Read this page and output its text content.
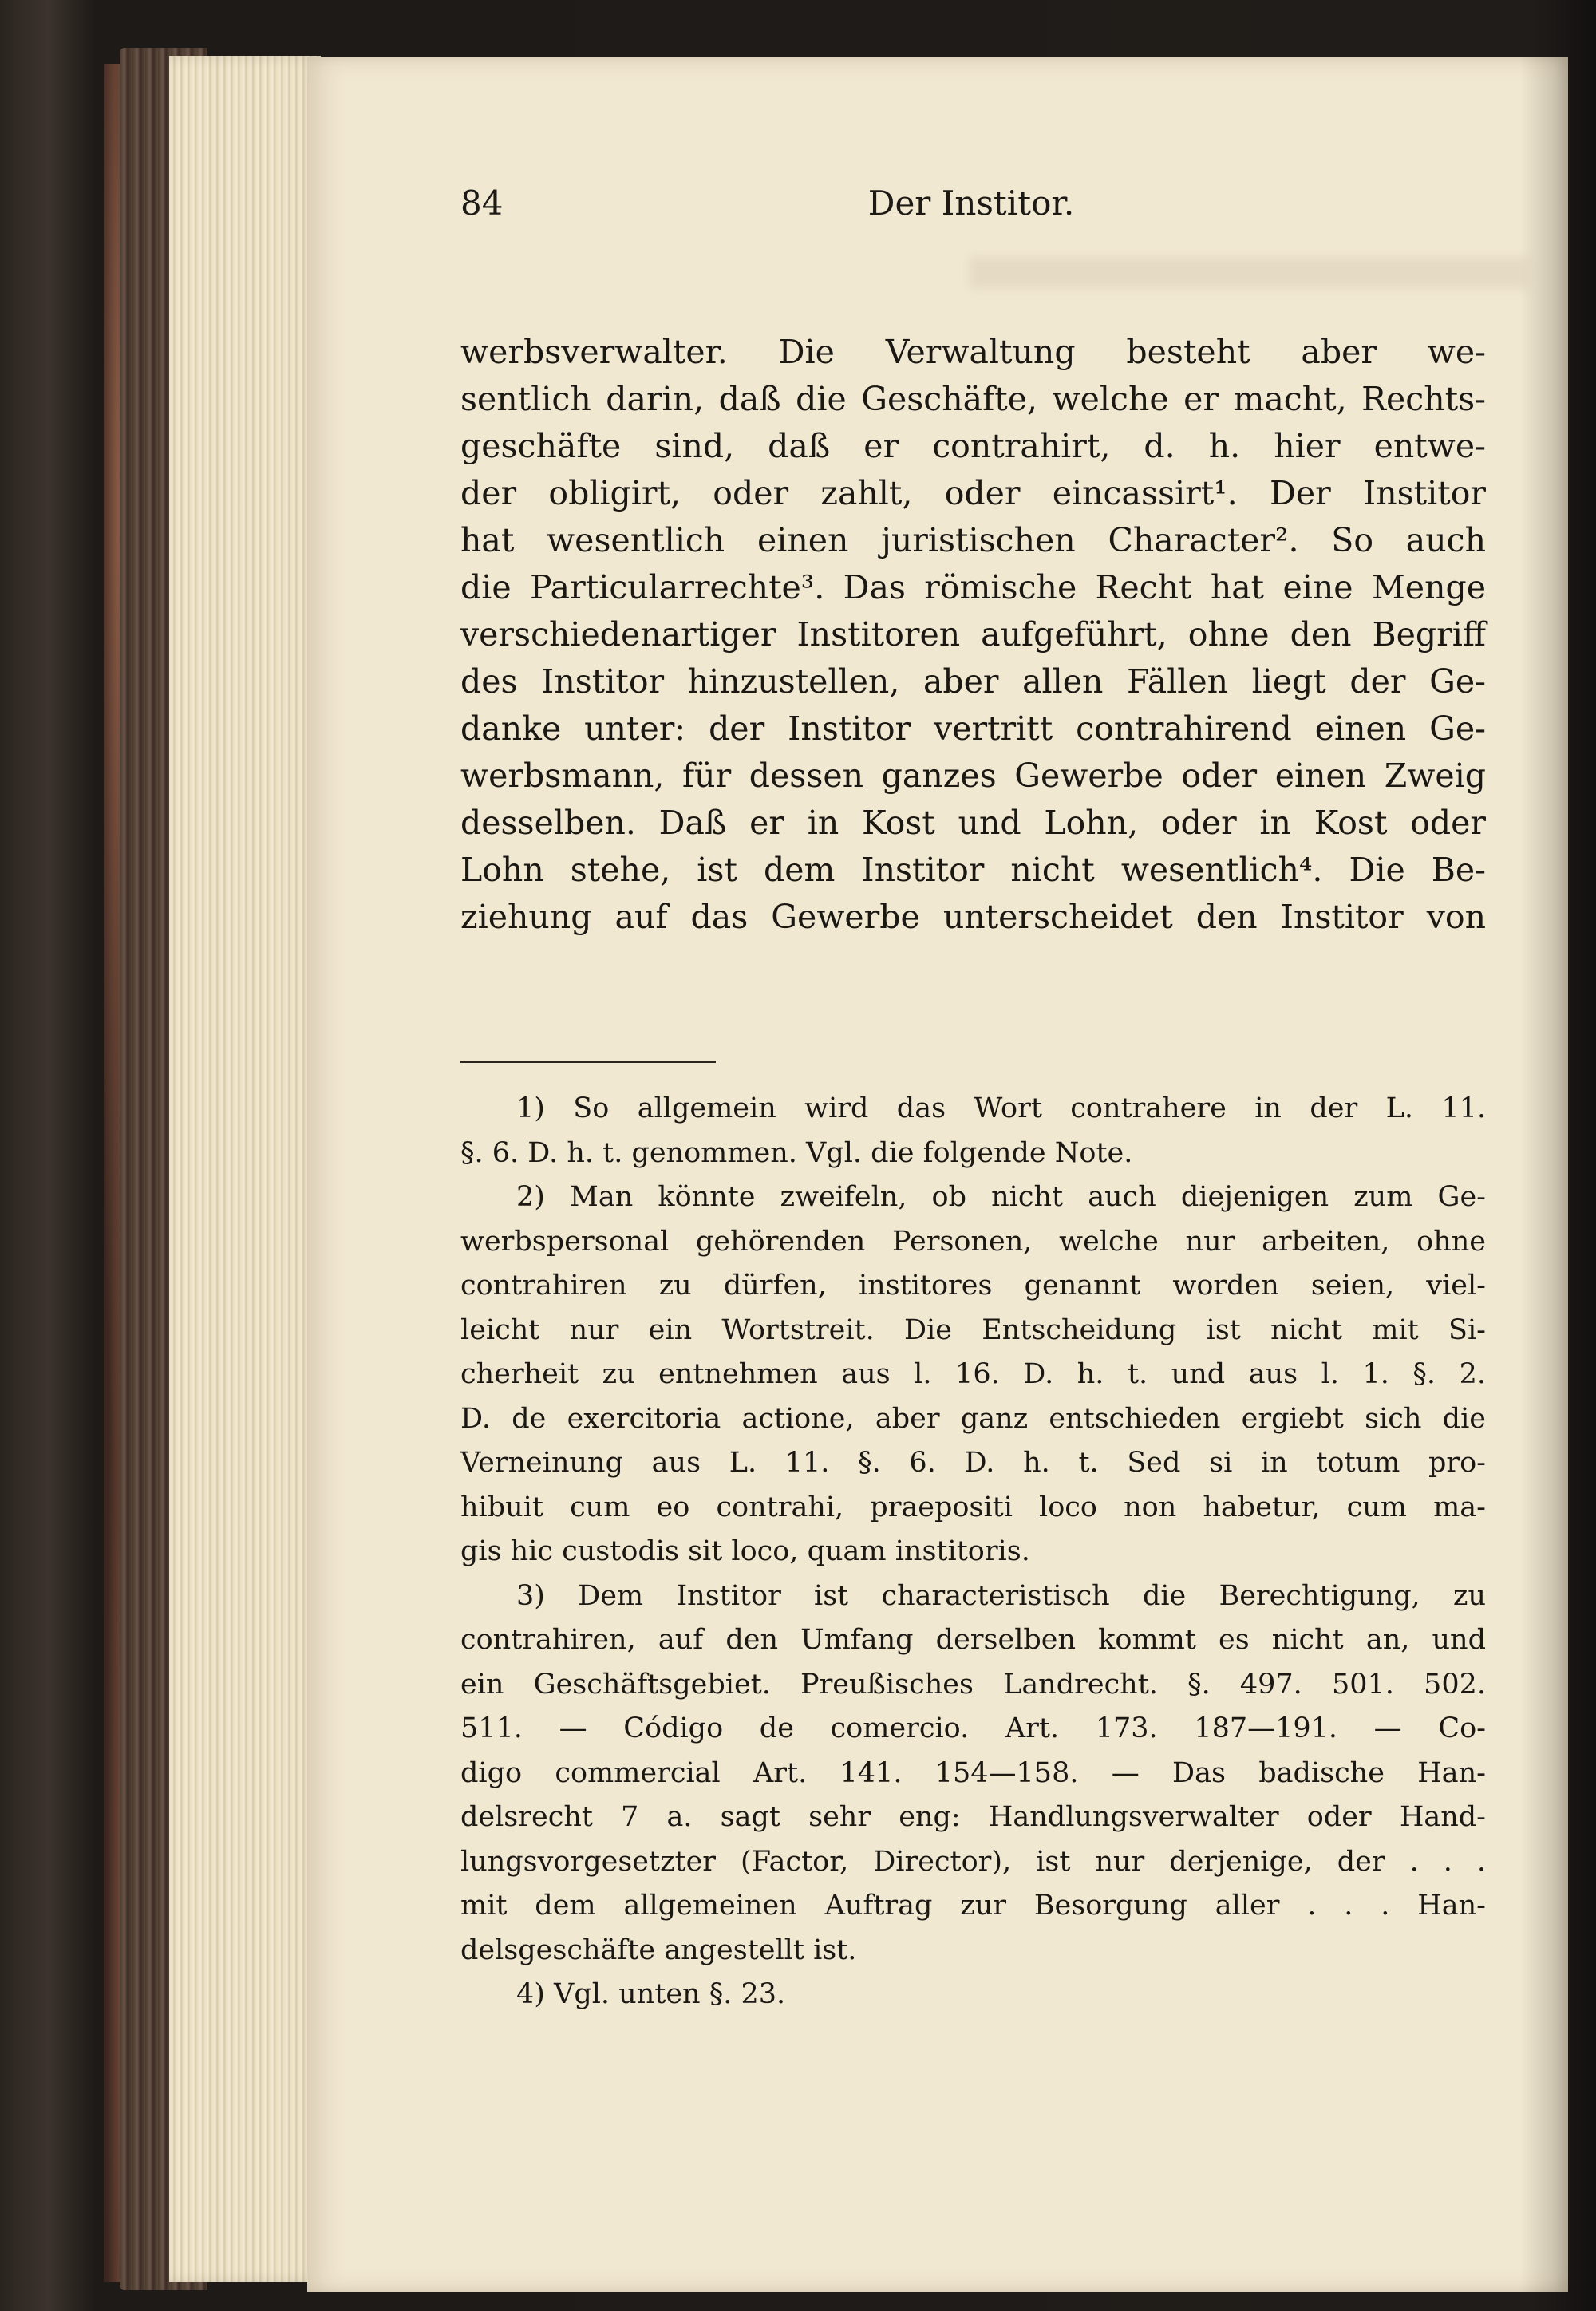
84	Der Institor.
werbsverwalter. Die Verwaltung besteht aber we-
sentlich darin, daß die Geschäfte, welche er macht, Rechts-
geschäfte sind, daß er contrahirt, d. h. hier entwe-
der obligirt, oder zahlt, oder eincassirt¹. Der Institor
hat wesentlich einen juristischen Character². So auch
die Particularrechte³. Das römische Recht hat eine Menge
verschiedenartiger Institoren aufgeführt, ohne den Begriff
des Institor hinzustellen, aber allen Fällen liegt der Ge-
danke unter: der Institor vertritt contrahirend einen Ge-
werbsmann, für dessen ganzes Gewerbe oder einen Zweig
desselben. Daß er in Kost und Lohn, oder in Kost oder
Lohn stehe, ist dem Institor nicht wesentlich⁴. Die Be-
ziehung auf das Gewerbe unterscheidet den Institor von
1) So allgemein wird das Wort contrahere in der L. 11.
§. 6. D. h. t. genommen. Vgl. die folgende Note.
2) Man könnte zweifeln, ob nicht auch diejenigen zum Ge-
werbspersonal gehörenden Personen, welche nur arbeiten, ohne
contrahiren zu dürfen, institores genannt worden seien, viel-
leicht nur ein Wortstreit. Die Entscheidung ist nicht mit Si-
cherheit zu entnehmen aus l. 16. D. h. t. und aus l. 1. §. 2.
D. de exercitoria actione, aber ganz entschieden ergiebt sich die
Verneinung aus L. 11. §. 6. D. h. t. Sed si in totum pro-
hibuit cum eo contrahi, praepositi loco non habetur, cum ma-
gis hic custodis sit loco, quam institoris.
3) Dem Institor ist characteristisch die Berechtigung, zu
contrahiren, auf den Umfang derselben kommt es nicht an, und
ein Geschäftsgebiet. Preußisches Landrecht. §. 497. 501. 502.
511. — Código de comercio. Art. 173. 187—191. — Co-
digo commercial Art. 141. 154—158. — Das badische Han-
delsrecht 7 a. sagt sehr eng: Handlungsverwalter oder Hand-
lungsvorgesetzter (Factor, Director), ist nur derjenige, der . . .
mit dem allgemeinen Auftrag zur Besorgung aller . . . Han-
delsgeschäfte angestellt ist.
4) Vgl. unten §. 23.
